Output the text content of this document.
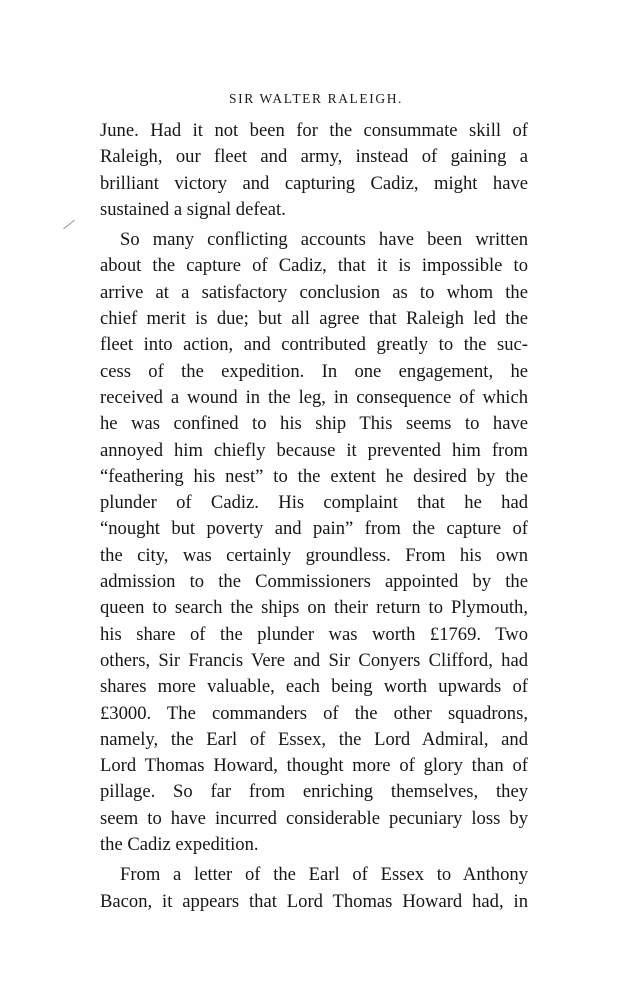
SIR WALTER RALEIGH.
June. Had it not been for the consummate skill of
Raleigh, our fleet and army, instead of gaining a
brilliant victory and capturing Cadiz, might have
sustained a signal defeat.
So many conflicting accounts have been written
about the capture of Cadiz, that it is impossible to
arrive at a satisfactory conclusion as to whom the
chief merit is due; but all agree that Raleigh led the
fleet into action, and contributed greatly to the suc-
cess of the expedition. In one engagement, he
received a wound in the leg, in consequence of which
he was confined to his ship This seems to have
annoyed him chiefly because it prevented him from
“feathering his nest” to the extent he desired by the
plunder of Cadiz. His complaint that he had
“nought but poverty and pain” from the capture of
the city, was certainly groundless. From his own
admission to the Commissioners appointed by the
queen to search the ships on their return to Plymouth,
his share of the plunder was worth £1769. Two
others, Sir Francis Vere and Sir Conyers Clifford, had
shares more valuable, each being worth upwards of
£3000. The commanders of the other squadrons,
namely, the Earl of Essex, the Lord Admiral, and
Lord Thomas Howard, thought more of glory than of
pillage. So far from enriching themselves, they
seem to have incurred considerable pecuniary loss by
the Cadiz expedition.
From a letter of the Earl of Essex to Anthony
Bacon, it appears that Lord Thomas Howard had, in
